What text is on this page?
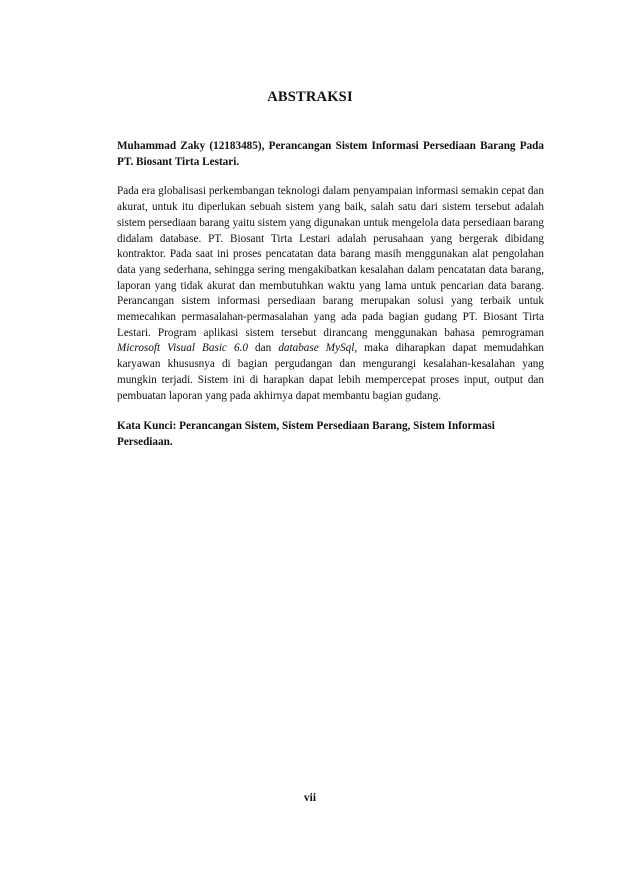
ABSTRAKSI

Muhammad Zaky (12183485), Perancangan Sistem Informasi Persediaan Barang Pada PT. Biosant Tirta Lestari.

Pada era globalisasi perkembangan teknologi dalam penyampaian informasi semakin cepat dan akurat, untuk itu diperlukan sebuah sistem yang baik, salah satu dari sistem tersebut adalah sistem persediaan barang yaitu sistem yang digunakan untuk mengelola data persediaan barang didalam database. PT. Biosant Tirta Lestari adalah perusahaan yang bergerak dibidang kontraktor. Pada saat ini proses pencatatan data barang masih menggunakan alat pengolahan data yang sederhana, sehingga sering mengakibatkan kesalahan dalam pencatatan data barang, laporan yang tidak akurat dan membutuhkan waktu yang lama untuk pencarian data barang. Perancangan sistem informasi persediaan barang merupakan solusi yang terbaik untuk memecahkan permasalahan-permasalahan yang ada pada bagian gudang PT. Biosant Tirta Lestari. Program aplikasi sistem tersebut dirancang menggunakan bahasa pemrograman Microsoft Visual Basic 6.0 dan database MySql, maka diharapkan dapat memudahkan karyawan khususnya di bagian pergudangan dan mengurangi kesalahan-kesalahan yang mungkin terjadi. Sistem ini di harapkan dapat lebih mempercepat proses input, output dan pembuatan laporan yang pada akhirnya dapat membantu bagian gudang.

Kata Kunci: Perancangan Sistem, Sistem Persediaan Barang, Sistem Informasi Persediaan.

vii
